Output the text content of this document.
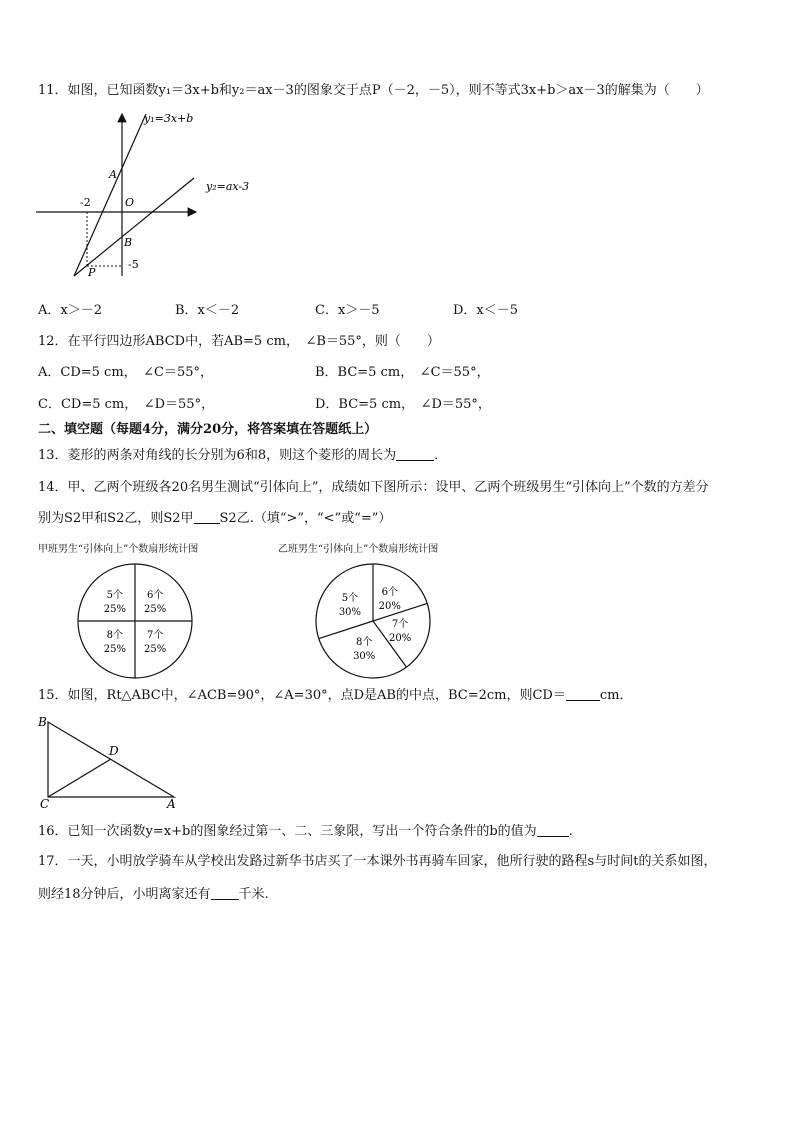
11．如图，已知函数y₁＝3x+b和y₂＝ax－3的图象交于点P（－2，－5），则不等式3x+b＞ax－3的解集为（　　）
y₁=3x+b
y₂=ax-3
A
O
B
P
-2
-5
A．x＞－2	B．x＜－2	C．x＞－5	D．x＜－5
12．在平行四边形ABCD中，若AB=5 cm，　∠B＝55°，则（　　）
A．CD=5 cm，　∠C＝55°，	B．BC=5 cm，　∠C＝55°，
C．CD=5 cm，　∠D＝55°，	D．BC=5 cm，　∠D＝55°，
二、填空题（每题4分，满分20分，将答案填在答题纸上）
13．菱形的两条对角线的长分别为6和8，则这个菱形的周长为	．
14．甲、乙两个班级各20名男生测试“引体向上”，成绩如下图所示：设甲、乙两个班级男生“引体向上”个数的方差分
别为S2甲和S2乙，则S2甲 S2乙.（填“>”，“<”或“=”）
甲班男生“引体向上”个数扇形统计图	乙班男生“引体向上”个数扇形统计图
6个
25%
7个
25%
8个
25%
5个
25%
6个
20%
7个
20%
8个
30%
5个
30%
15．如图，Rt△ABC中，∠ACB=90°，∠A=30°，点D是AB的中点，BC=2cm，则CD＝	cm．
B
D
C	A
16．已知一次函数y=x+b的图象经过第一、二、三象限，写出一个符合条件的b的值为 .
17．一天，小明放学骑车从学校出发路过新华书店买了一本课外书再骑车回家，他所行驶的路程s与时间t的关系如图，
则经18分钟后，小明离家还有 千米.
